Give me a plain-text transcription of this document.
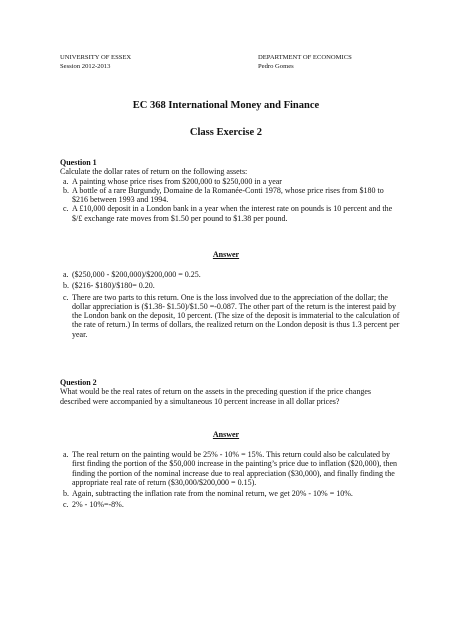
UNIVERSITY OF ESSEX
Session 2012-2013
DEPARTMENT OF ECONOMICS
Pedro Gomes
EC 368 International Money and Finance
Class Exercise 2
Question 1
Calculate the dollar rates of return on the following assets:
a. A painting whose price rises from $200,000 to $250,000 in a year
b. A bottle of a rare Burgundy, Domaine de la Romanée-Conti 1978, whose price rises from $180 to $216 between 1993 and 1994.
c. A £10,000 deposit in a London bank in a year when the interest rate on pounds is 10 percent and the $/£ exchange rate moves from $1.50 per pound to $1.38 per pound.
Answer
a. ($250,000 - $200,000)/$200,000 = 0.25.
b. ($216- $180)/$180= 0.20.
c. There are two parts to this return. One is the loss involved due to the appreciation of the dollar; the dollar appreciation is ($1.38- $1.50)/$1.50 =-0.087. The other part of the return is the interest paid by the London bank on the deposit, 10 percent. (The size of the deposit is immaterial to the calculation of the rate of return.) In terms of dollars, the realized return on the London deposit is thus 1.3 percent per year.
Question 2
What would be the real rates of return on the assets in the preceding question if the price changes described were accompanied by a simultaneous 10 percent increase in all dollar prices?
Answer
a. The real return on the painting would be 25% - 10% = 15%. This return could also be calculated by first finding the portion of the $50,000 increase in the painting’s price due to inflation ($20,000), then finding the portion of the nominal increase due to real appreciation ($30,000), and finally finding the appropriate real rate of return ($30,000/$200,000 = 0.15).
b. Again, subtracting the inflation rate from the nominal return, we get 20% - 10% = 10%.
c. 2% - 10%=-8%.
